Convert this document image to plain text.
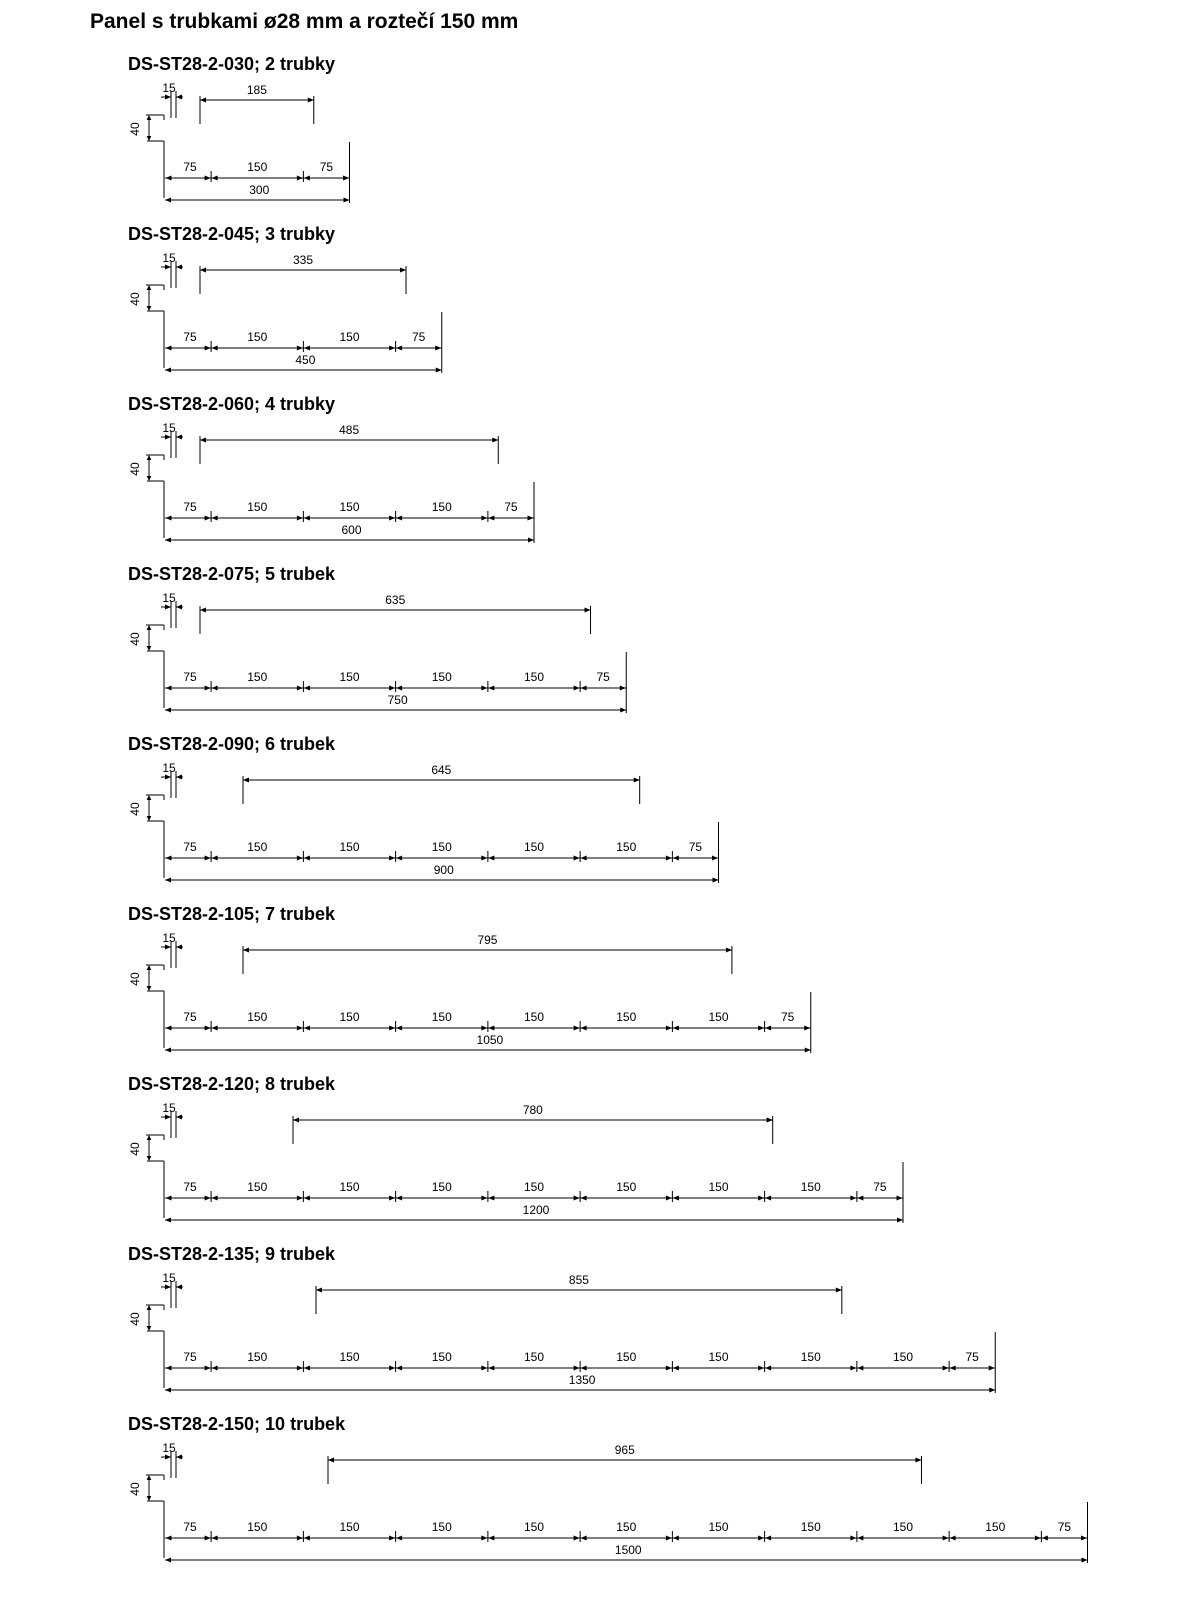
Panel s trubkami ø28 mm a roztečí 150 mm
DS-ST28-2-030; 2 trubky
DS-ST28-2-045; 3 trubky
DS-ST28-2-060; 4 trubky
DS-ST28-2-075; 5 trubek
DS-ST28-2-090; 6 trubek
DS-ST28-2-105; 7 trubek
DS-ST28-2-120; 8 trubek
DS-ST28-2-135; 9 trubek
DS-ST28-2-150; 10 trubek
15
40
185
75	150	75
300
15
40
335
75	150	150	75
450
15
40
485
75	150	150	150	75
600
15
40
635
75	150	150	150	150	75
750
15
40
645
75	150	150	150	150	150	75
900
15
40
795
75	150	150	150	150	150	150	75
1050
15
40
780
75	150	150	150	150	150	150	150	75
1200
15
40
855
75	150	150	150	150	150	150	150	150	75
1350
15
40
965
75	150	150	150	150	150	150	150	150	150	75
1500
